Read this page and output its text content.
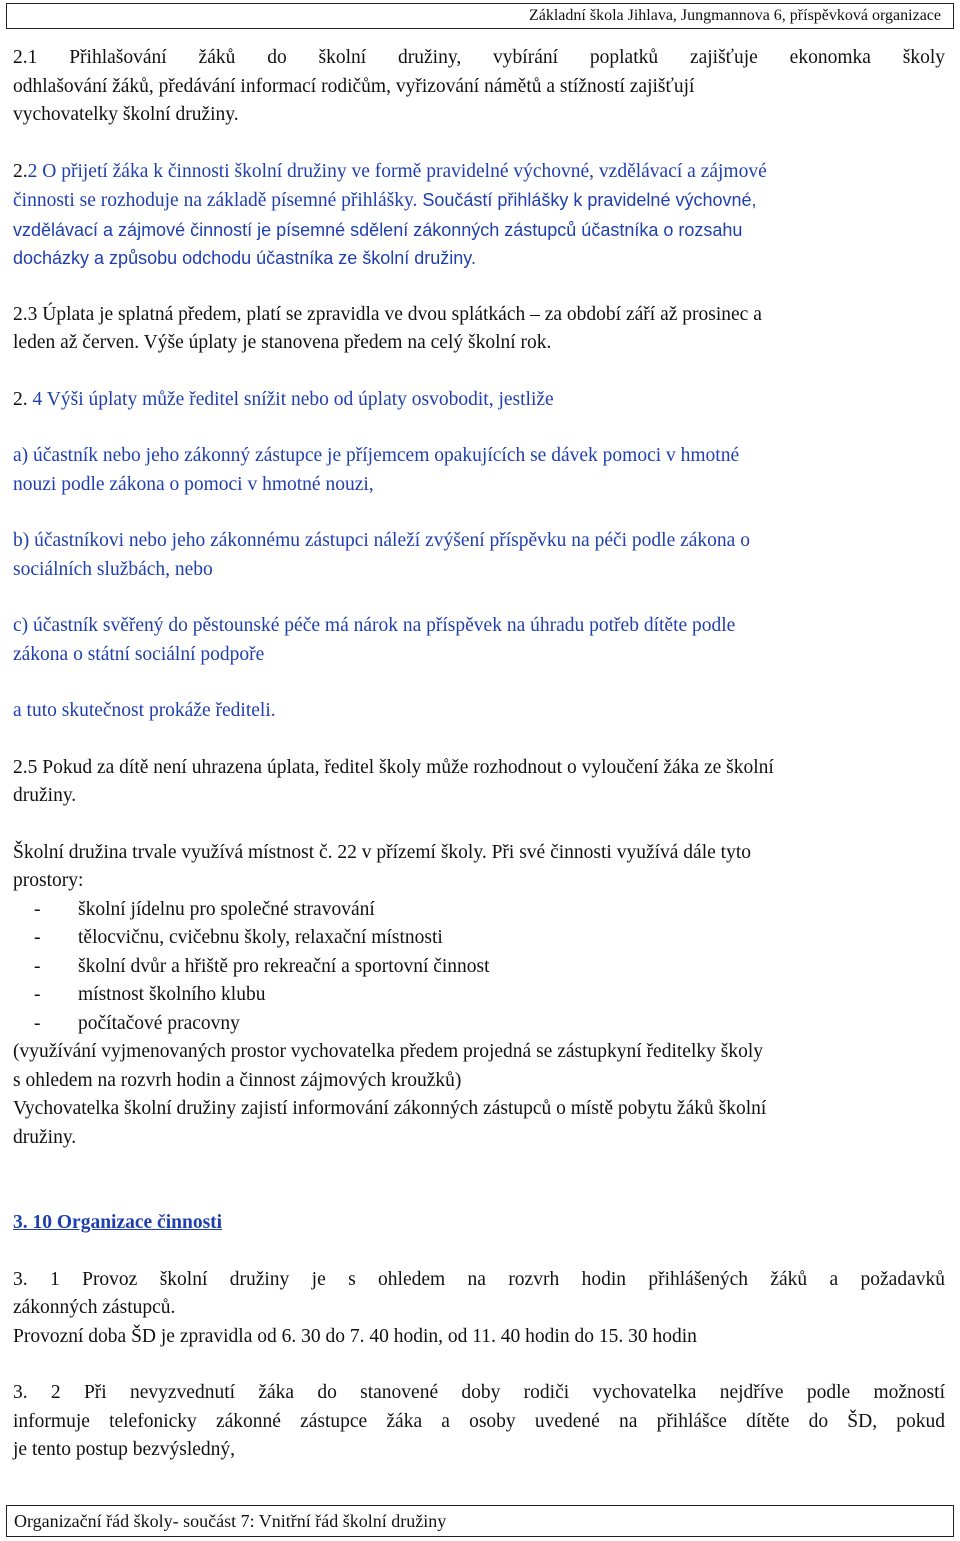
Základní škola Jihlava, Jungmannova 6, příspěvková organizace

2.1 Přihlašování žáků do školní družiny, vybírání poplatků zajišťuje ekonomka školy
odhlašování žáků, předávání informací rodičům, vyřizování námětů a stížností zajišťují
vychovatelky školní družiny.

2.2 O přijetí žáka k činnosti školní družiny ve formě pravidelné výchovné, vzdělávací a zájmové
činnosti se rozhoduje na základě písemné přihlášky. Součástí přihlášky k pravidelné výchovné,
vzdělávací a zájmové činností je písemné sdělení zákonných zástupců účastníka o rozsahu
docházky a způsobu odchodu účastníka ze školní družiny.

2.3 Úplata je splatná předem, platí se zpravidla ve dvou splátkách – za období září až prosinec a
leden až červen. Výše úplaty je stanovena předem na celý školní rok.

2. 4 Výši úplaty může ředitel snížit nebo od úplaty osvobodit, jestliže

a) účastník nebo jeho zákonný zástupce je příjemcem opakujících se dávek pomoci v hmotné
nouzi podle zákona o pomoci v hmotné nouzi,

b) účastníkovi nebo jeho zákonnému zástupci náleží zvýšení příspěvku na péči podle zákona o
sociálních službách, nebo

c) účastník svěřený do pěstounské péče má nárok na příspěvek na úhradu potřeb dítěte podle
zákona o státní sociální podpoře

a tuto skutečnost prokáže řediteli.

2.5 Pokud za dítě není uhrazena úplata, ředitel školy může rozhodnout o vyloučení žáka ze školní
družiny.

Školní družina trvale využívá místnost č. 22 v přízemí školy. Při své činnosti využívá dále tyto
prostory:

-	školní jídelnu pro společné stravování
-	tělocvičnu, cvičebnu školy, relaxační místnosti
-	školní dvůr a hřiště pro rekreační a sportovní činnost
-	místnost školního klubu
-	počítačové pracovny

(využívání vyjmenovaných prostor vychovatelka předem projedná se zástupkyní ředitelky školy
s ohledem na rozvrh hodin a činnost zájmových kroužků)
Vychovatelka školní družiny zajistí informování zákonných zástupců o místě pobytu žáků školní
družiny.

3. 10 Organizace činnosti

3. 1 Provoz školní družiny je s ohledem na rozvrh hodin přihlášených žáků a požadavků
zákonných zástupců.
Provozní doba ŠD je zpravidla od 6. 30 do 7. 40 hodin, od 11. 40 hodin do 15. 30 hodin

3. 2 Při nevyzvednutí žáka do stanovené doby rodiči vychovatelka nejdříve podle možností
informuje telefonicky zákonné zástupce žáka a osoby uvedené na přihlášce dítěte do ŠD, pokud
je tento postup bezvýsledný,

Organizační řád školy- součást 7: Vnitřní řád školní družiny
